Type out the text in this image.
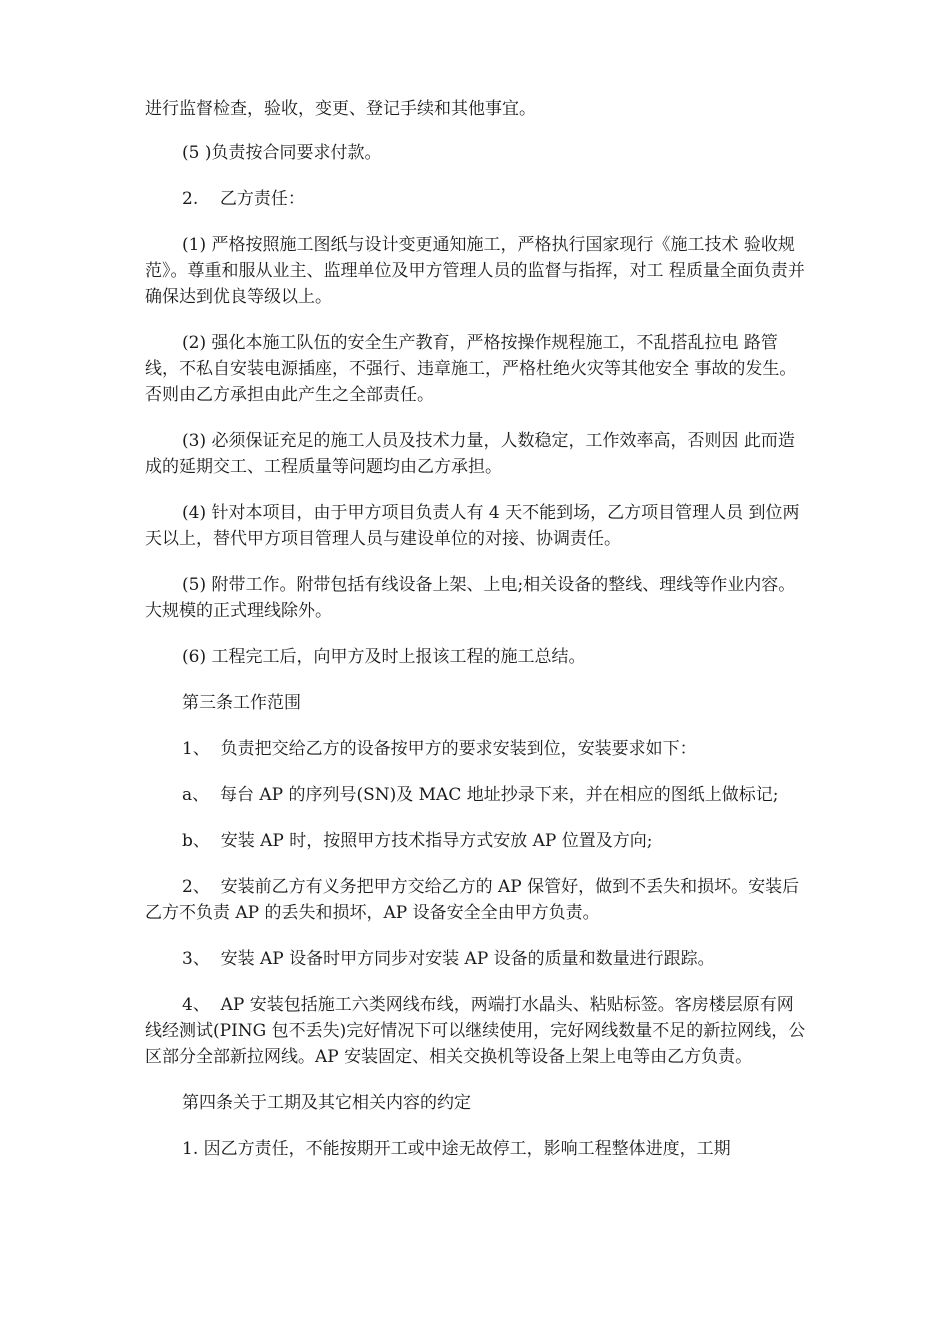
进行监督检查，验收，变更、登记手续和其他事宜。

(5 )负责按合同要求付款。

2.    乙方责任：

(1) 严格按照施工图纸与设计变更通知施工，严格执行国家现行《施工技术 验收规范》。尊重和服从业主、监理单位及甲方管理人员的监督与指挥，对工 程质量全面负责并确保达到优良等级以上。

(2) 强化本施工队伍的安全生产教育，严格按操作规程施工，不乱搭乱拉电 路管线，不私自安装电源插座，不强行、违章施工，严格杜绝火灾等其他安全 事故的发生。否则由乙方承担由此产生之全部责任。

(3) 必须保证充足的施工人员及技术力量，人数稳定，工作效率高，否则因 此而造成的延期交工、工程质量等问题均由乙方承担。

(4) 针对本项目，由于甲方项目负责人有 4 天不能到场，乙方项目管理人员 到位两天以上，替代甲方项目管理人员与建设单位的对接、协调责任。

(5) 附带工作。附带包括有线设备上架、上电;相关设备的整线、理线等作业内容。大规模的正式理线除外。

(6) 工程完工后，向甲方及时上报该工程的施工总结。

第三条工作范围

1、  负责把交给乙方的设备按甲方的要求安装到位，安装要求如下：

a、  每台 AP 的序列号(SN)及 MAC 地址抄录下来，并在相应的图纸上做标记;

b、  安装 AP 时，按照甲方技术指导方式安放 AP 位置及方向;

2、  安装前乙方有义务把甲方交给乙方的 AP 保管好，做到不丢失和损坏。安装后乙方不负责 AP 的丢失和损坏，AP 设备安全全由甲方负责。

3、  安装 AP 设备时甲方同步对安装 AP 设备的质量和数量进行跟踪。

4、  AP 安装包括施工六类网线布线，两端打水晶头、粘贴标签。客房楼层原有网线经测试(PING 包不丢失)完好情况下可以继续使用，完好网线数量不足的新拉网线，公区部分全部新拉网线。AP 安装固定、相关交换机等设备上架上电等由乙方负责。

第四条关于工期及其它相关内容的约定

1. 因乙方责任，不能按期开工或中途无故停工，影响工程整体进度，工期
